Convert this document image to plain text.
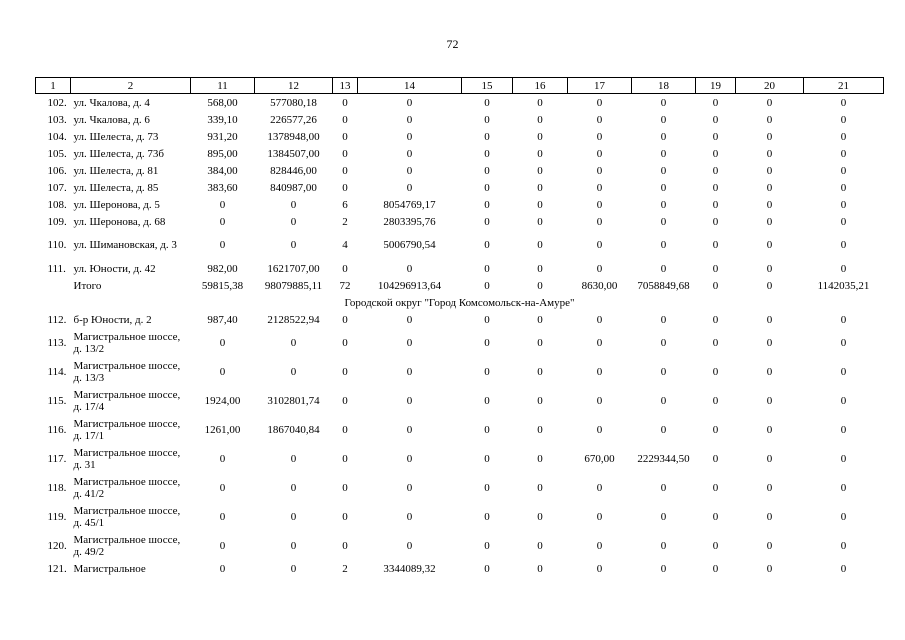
72
1	2	11	12	13	14	15	16	17	18	19	20	21
102.	ул. Чкалова, д. 4	568,00	577080,18	0	0	0	0	0	0	0	0	0
103.	ул. Чкалова, д. 6	339,10	226577,26	0	0	0	0	0	0	0	0	0
104.	ул. Шелеста, д. 73	931,20	1378948,00	0	0	0	0	0	0	0	0	0
105.	ул. Шелеста, д. 73б	895,00	1384507,00	0	0	0	0	0	0	0	0	0
106.	ул. Шелеста, д. 81	384,00	828446,00	0	0	0	0	0	0	0	0	0
107.	ул. Шелеста, д. 85	383,60	840987,00	0	0	0	0	0	0	0	0	0
108.	ул. Шеронова, д. 5	0	0	6	8054769,17	0	0	0	0	0	0	0
109.	ул. Шеронова, д. 68	0	0	2	2803395,76	0	0	0	0	0	0	0
110.	ул. Шимановская, д. 3	0	0	4	5006790,54	0	0	0	0	0	0	0
111.	ул. Юности, д. 42	982,00	1621707,00	0	0	0	0	0	0	0	0	0
	Итого	59815,38	98079885,11	72	104296913,64	0	0	8630,00	7058849,68	0	0	1142035,21
Городской округ "Город Комсомольск-на-Амуре"												
112.	б-р Юности, д. 2	987,40	2128522,94	0	0	0	0	0	0	0	0	0
113.	Магистральное шоссе, д. 13/2	0	0	0	0	0	0	0	0	0	0	0
114.	Магистральное шоссе, д. 13/3	0	0	0	0	0	0	0	0	0	0	0
115.	Магистральное шоссе, д. 17/4	1924,00	3102801,74	0	0	0	0	0	0	0	0	0
116.	Магистральное шоссе, д. 17/1	1261,00	1867040,84	0	0	0	0	0	0	0	0	0
117.	Магистральное шоссе, д. 31	0	0	0	0	0	0	670,00	2229344,50	0	0	0
118.	Магистральное шоссе, д. 41/2	0	0	0	0	0	0	0	0	0	0	0
119.	Магистральное шоссе, д. 45/1	0	0	0	0	0	0	0	0	0	0	0
120.	Магистральное шоссе, д. 49/2	0	0	0	0	0	0	0	0	0	0	0
121.	Магистральное	0	0	2	3344089,32	0	0	0	0	0	0	0
